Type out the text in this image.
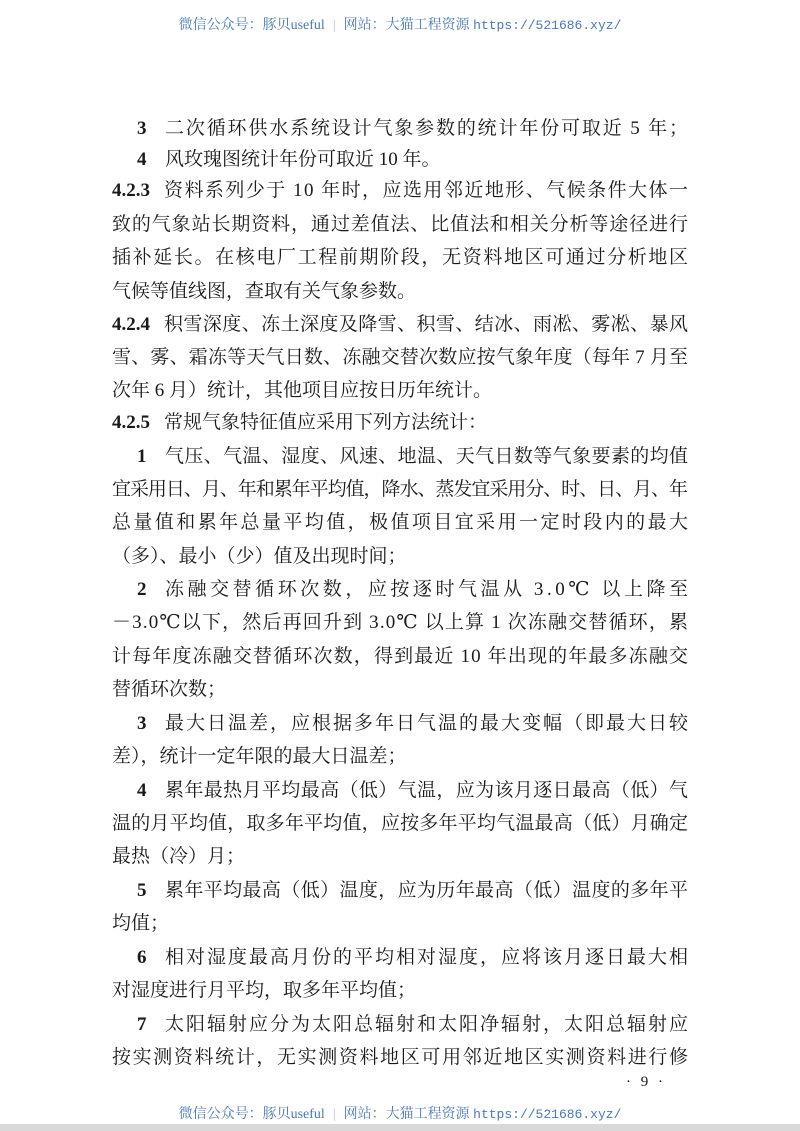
微信公众号：豚贝useful | 网站：大猫工程资源 https://521686.xyz/
3 二次循环供水系统设计气象参数的统计年份可取近 5 年；
4 风玫瑰图统计年份可取近 10 年。
4.2.3 资料系列少于 10 年时，应选用邻近地形、气候条件大体一
致的气象站长期资料，通过差值法、比值法和相关分析等途径进行
插补延长。在核电厂工程前期阶段，无资料地区可通过分析地区
气候等值线图，查取有关气象参数。
4.2.4 积雪深度、冻土深度及降雪、积雪、结冰、雨凇、雾凇、暴风
雪、雾、霜冻等天气日数、冻融交替次数应按气象年度（每年 7 月至
次年 6 月）统计，其他项目应按日历年统计。
4.2.5 常规气象特征值应采用下列方法统计：
1 气压、气温、湿度、风速、地温、天气日数等气象要素的均值
宜采用日、月、年和累年平均值，降水、蒸发宜采用分、时、日、月、年
总量值和累年总量平均值，极值项目宜采用一定时段内的最大
（多）、最小（少）值及出现时间；
2 冻融交替循环次数，应按逐时气温从 3.0℃ 以上降至
－3.0℃以下，然后再回升到 3.0℃ 以上算 1 次冻融交替循环，累
计每年度冻融交替循环次数，得到最近 10 年出现的年最多冻融交
替循环次数；
3 最大日温差，应根据多年日气温的最大变幅（即最大日较
差），统计一定年限的最大日温差；
4 累年最热月平均最高（低）气温，应为该月逐日最高（低）气
温的月平均值，取多年平均值，应按多年平均气温最高（低）月确定
最热（冷）月；
5 累年平均最高（低）温度，应为历年最高（低）温度的多年平
均值；
6 相对湿度最高月份的平均相对湿度，应将该月逐日最大相
对湿度进行月平均，取多年平均值；
7 太阳辐射应分为太阳总辐射和太阳净辐射，太阳总辐射应
按实测资料统计，无实测资料地区可用邻近地区实测资料进行修
· 9 ·
微信公众号：豚贝useful | 网站：大猫工程资源 https://521686.xyz/
